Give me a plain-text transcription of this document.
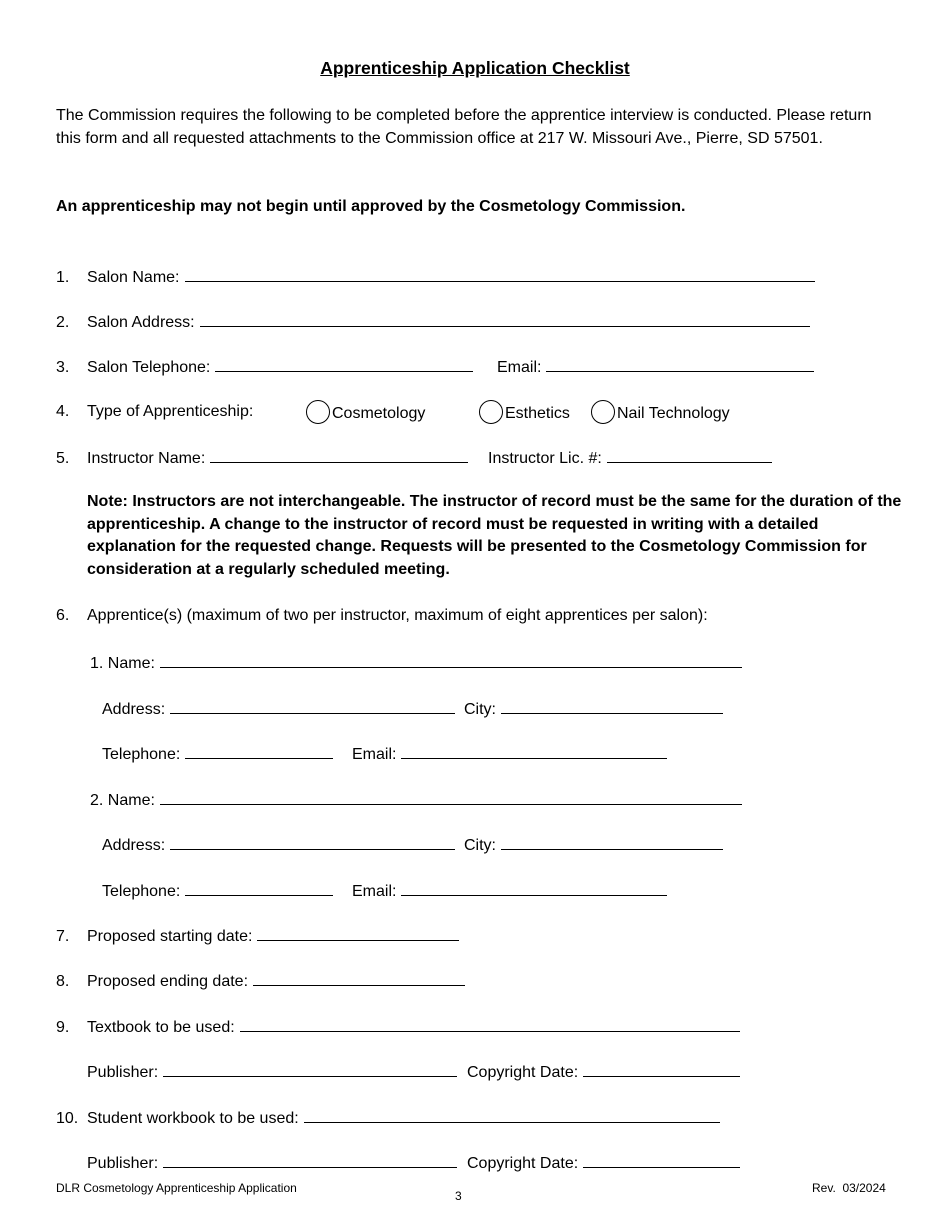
Apprenticeship Application Checklist
The Commission requires the following to be completed before the apprentice interview is conducted. Please return this form and all requested attachments to the Commission office at 217 W. Missouri Ave., Pierre, SD 57501.
An apprenticeship may not begin until approved by the Cosmetology Commission.
1. Salon Name:
2. Salon Address:
3. Salon Telephone:	Email:
4. Type of Apprenticeship:	Cosmetology	Esthetics	Nail Technology
5. Instructor Name:	Instructor Lic. #:
Note: Instructors are not interchangeable. The instructor of record must be the same for the duration of the apprenticeship. A change to the instructor of record must be requested in writing with a detailed explanation for the requested change. Requests will be presented to the Cosmetology Commission for consideration at a regularly scheduled meeting.
6. Apprentice(s) (maximum of two per instructor, maximum of eight apprentices per salon):
1. Name:
Address:	City:
Telephone:	Email:
2. Name:
Address:	City:
Telephone:	Email:
7. Proposed starting date:
8. Proposed ending date:
9. Textbook to be used:
Publisher:	Copyright Date:
10. Student workbook to be used:
Publisher:	Copyright Date:
DLR Cosmetology Apprenticeship Application
3
Rev.  03/2024
